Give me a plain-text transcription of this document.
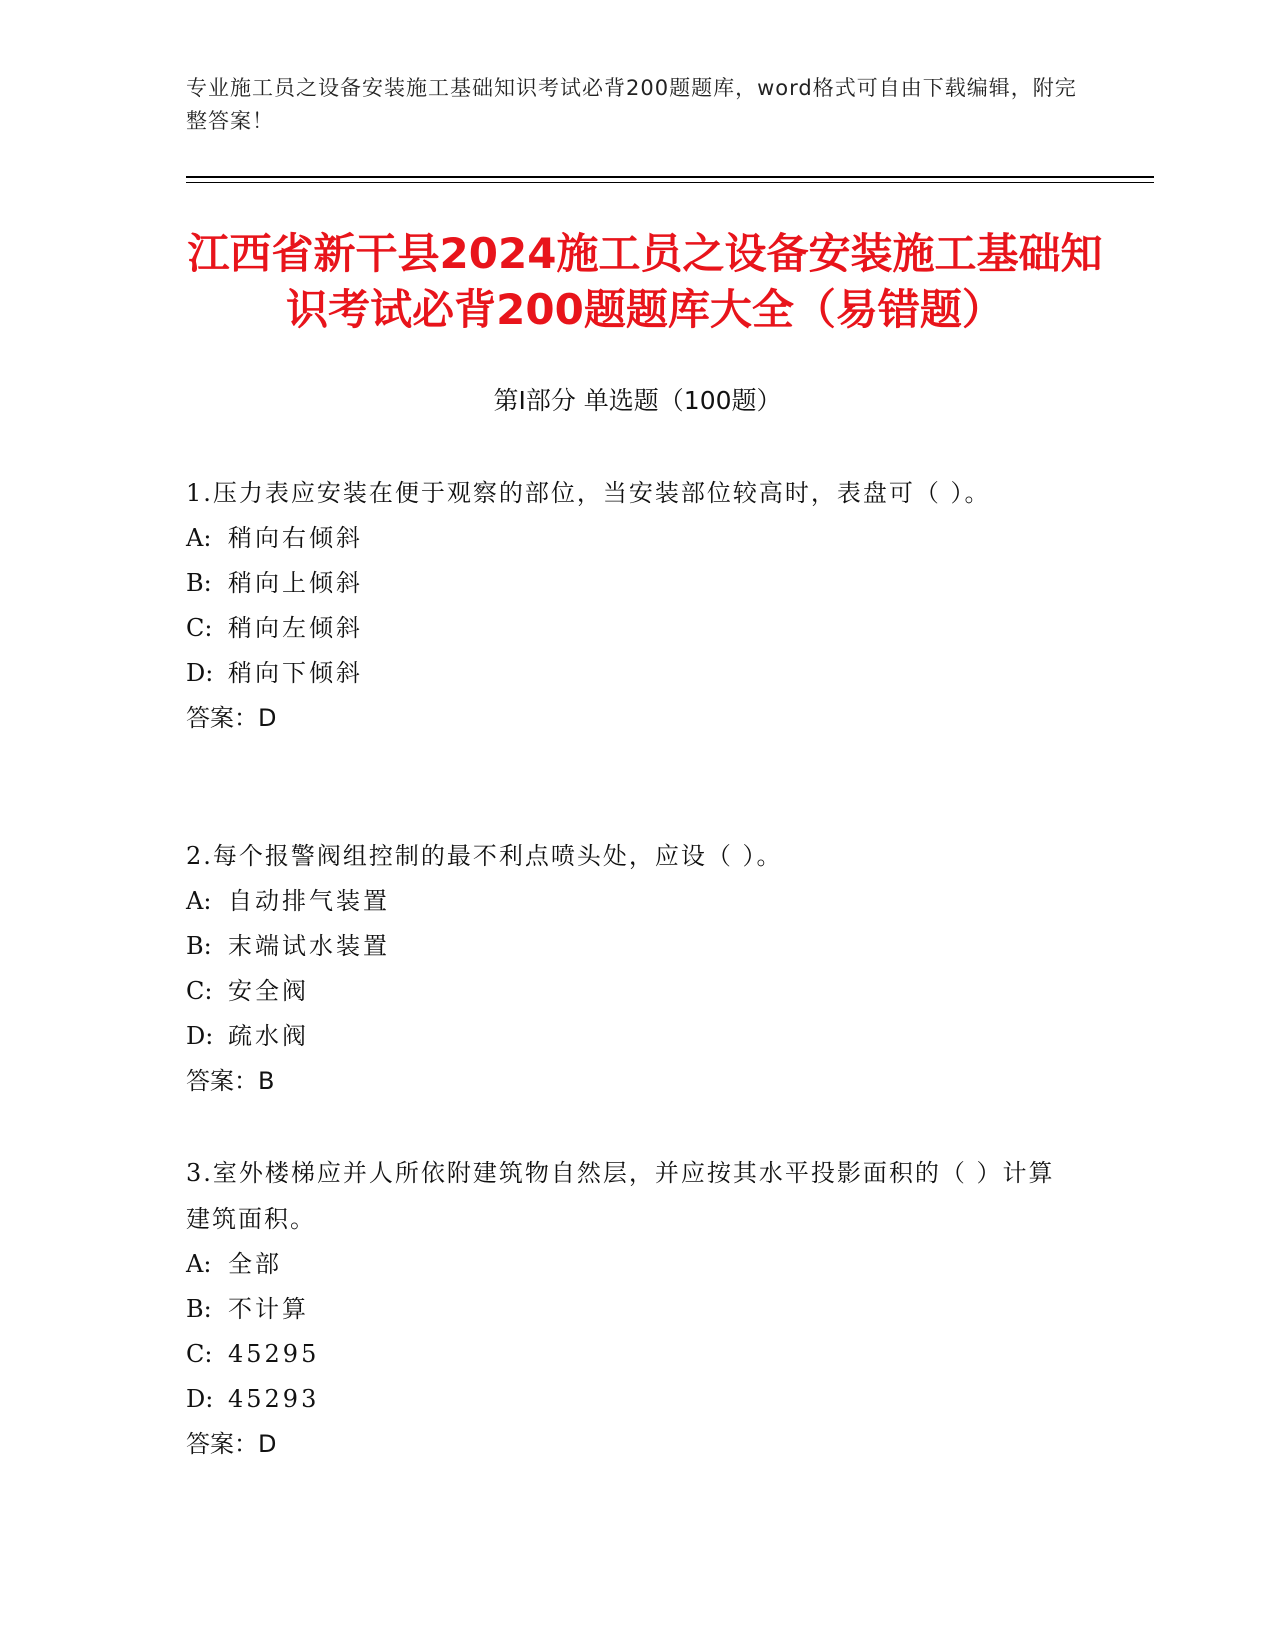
专业施工员之设备安装施工基础知识考试必背200题题库，word格式可自由下载编辑，附完整答案！
江西省新干县2024施工员之设备安装施工基础知识考试必背200题题库大全（易错题）
第Ⅰ部分 单选题（100题）
1.压力表应安装在便于观察的部位，当安装部位较高时，表盘可（ ）。
A: 稍向右倾斜
B: 稍向上倾斜
C: 稍向左倾斜
D: 稍向下倾斜
答案：D
2.每个报警阀组控制的最不利点喷头处，应设（ ）。
A: 自动排气装置
B: 末端试水装置
C: 安全阀
D: 疏水阀
答案：B
3.室外楼梯应并人所依附建筑物自然层，并应按其水平投影面积的（ ）计算建筑面积。
A: 全部
B: 不计算
C: 45295
D: 45293
答案：D
